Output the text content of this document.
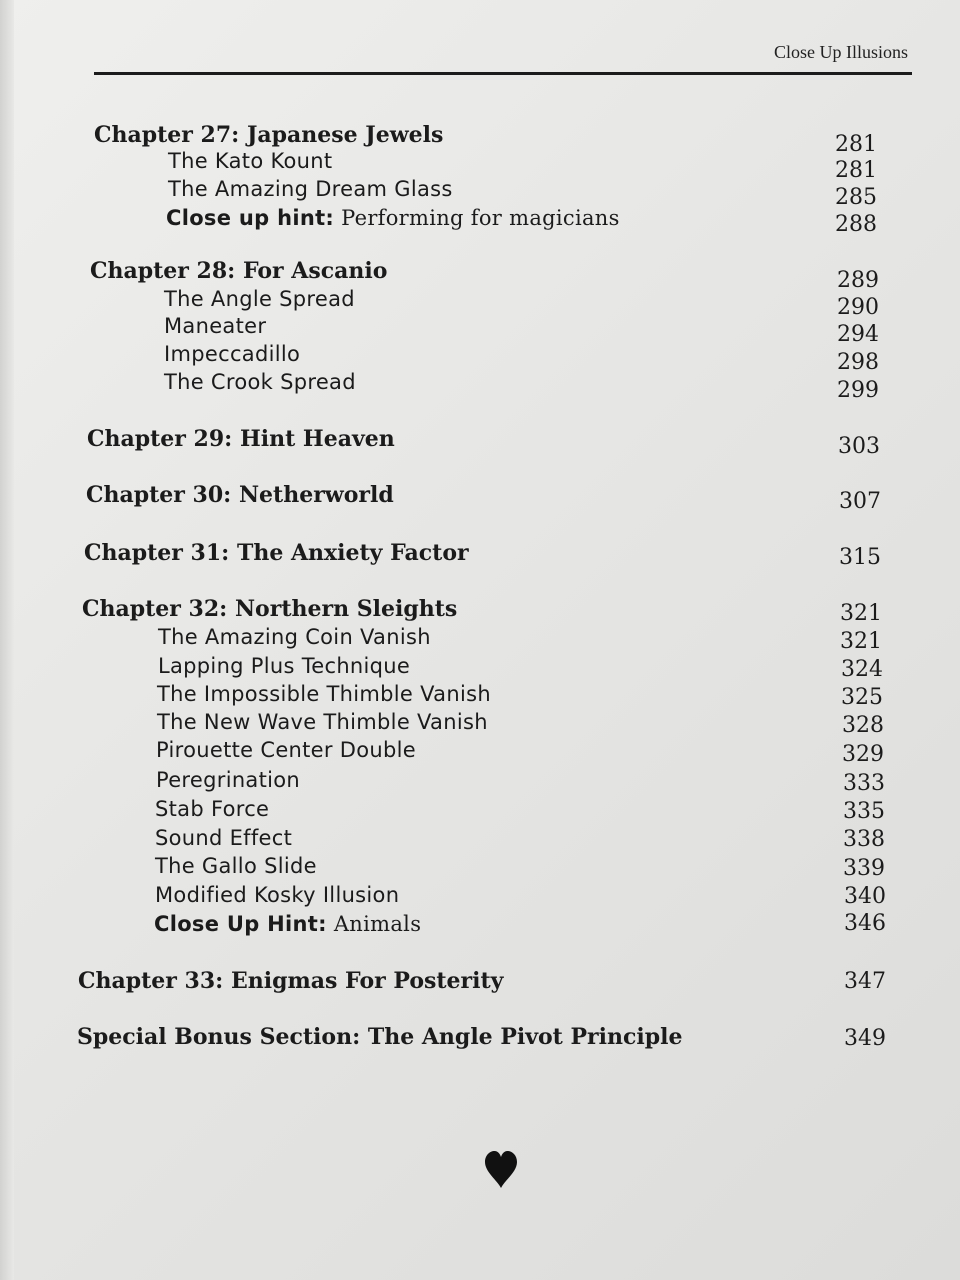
Close Up Illusions
Chapter 27: Japanese Jewels	281
The Kato Kount	281
The Amazing Dream Glass	285
Close up hint: Performing for magicians	288
Chapter 28: For Ascanio	289
The Angle Spread	290
Maneater	294
Impeccadillo	298
The Crook Spread	299
Chapter 29: Hint Heaven	303
Chapter 30: Netherworld	307
Chapter 31: The Anxiety Factor	315
Chapter 32: Northern Sleights	321
The Amazing Coin Vanish	321
Lapping Plus Technique	324
The Impossible Thimble Vanish	325
The New Wave Thimble Vanish	328
Pirouette Center Double	329
Peregrination	333
Stab Force	335
Sound Effect	338
The Gallo Slide	339
Modified Kosky Illusion	340
Close Up Hint: Animals	346
Chapter 33: Enigmas For Posterity	347
Special Bonus Section: The Angle Pivot Principle	349
